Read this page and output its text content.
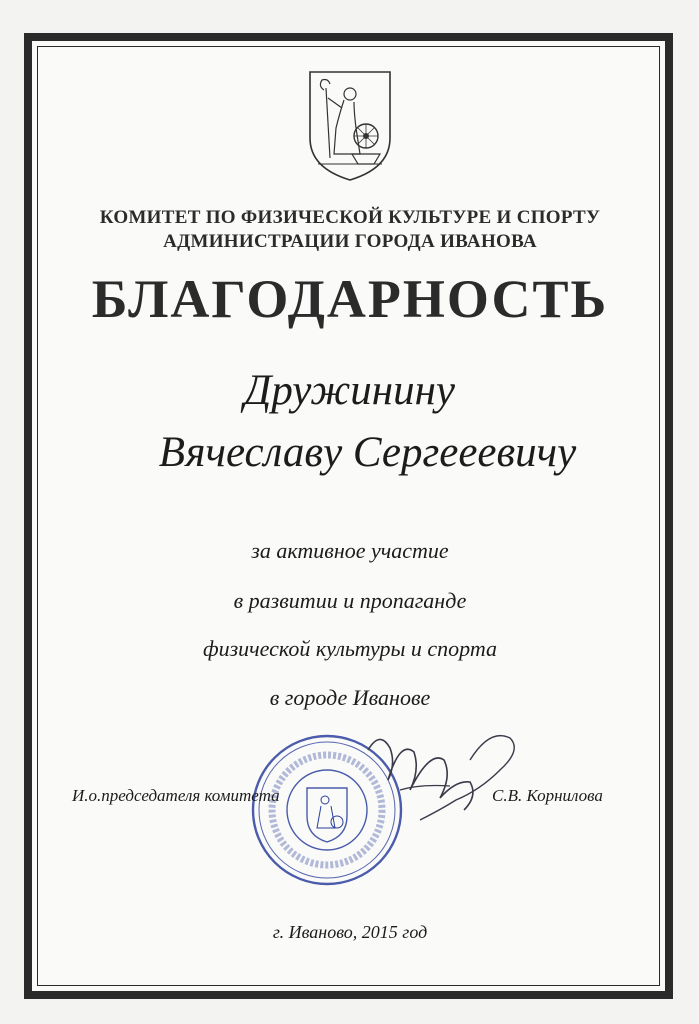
КОМИТЕТ ПО ФИЗИЧЕСКОЙ КУЛЬТУРЕ И СПОРТУ
АДМИНИСТРАЦИИ ГОРОДА ИВАНОВА
БЛАГОДАРНОСТЬ
Дружинину
Вячеславу Сергееевичу
за активное участие
в развитии и пропаганде
физической культуры и спорта
в городе Иванове
И.о.председателя комитета	С.В. Корнилова
г. Иваново, 2015 год
